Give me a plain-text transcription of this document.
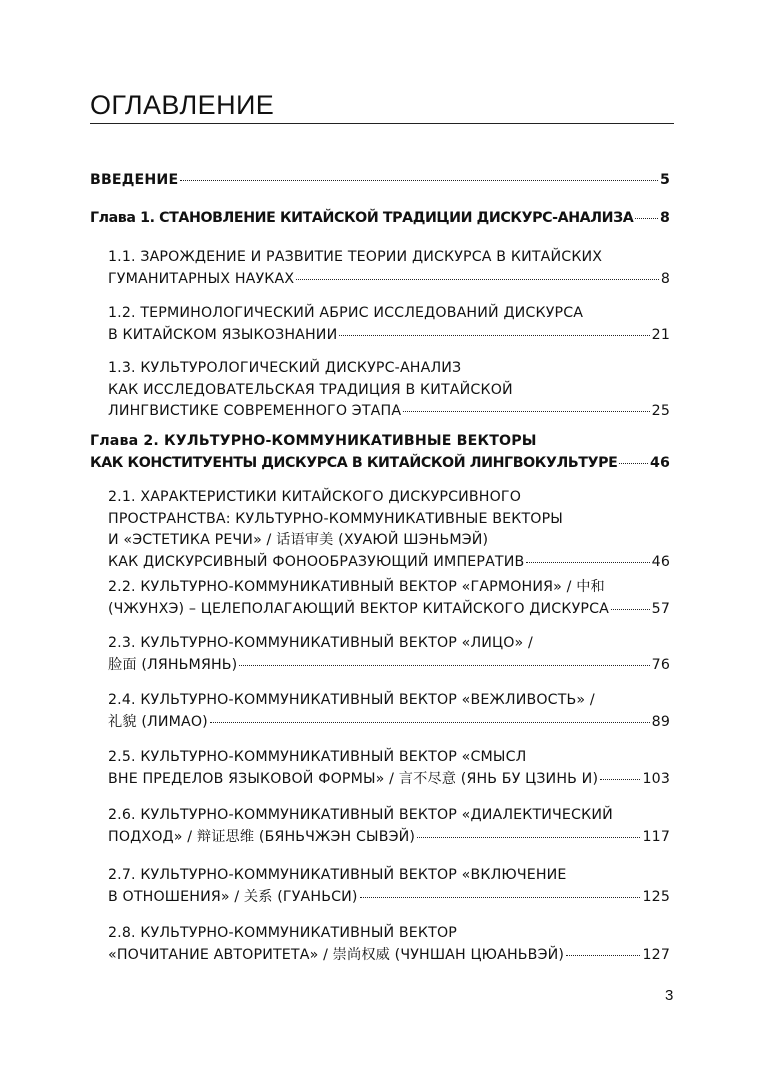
ОГЛАВЛЕНИЕ
ВВЕДЕНИЕ	5
Глава 1. СТАНОВЛЕНИЕ КИТАЙСКОЙ ТРАДИЦИИ ДИСКУРС-АНАЛИЗА 8
1.1. ЗАРОЖДЕНИЕ И РАЗВИТИЕ ТЕОРИИ ДИСКУРСА В КИТАЙСКИХ
ГУМАНИТАРНЫХ НАУКАХ	8
1.2. ТЕРМИНОЛОГИЧЕСКИЙ АБРИС ИССЛЕДОВАНИЙ ДИСКУРСА
В КИТАЙСКОМ ЯЗЫКОЗНАНИИ	21
1.3. КУЛЬТУРОЛОГИЧЕСКИЙ ДИСКУРС-АНАЛИЗ
КАК ИССЛЕДОВАТЕЛЬСКАЯ ТРАДИЦИЯ В КИТАЙСКОЙ
ЛИНГВИСТИКЕ СОВРЕМЕННОГО ЭТАПА	25
Глава 2. КУЛЬТУРНО-КОММУНИКАТИВНЫЕ ВЕКТОРЫ
КАК КОНСТИТУЕНТЫ ДИСКУРСА В КИТАЙСКОЙ ЛИНГВОКУЛЬТУРЕ 46
2.1. ХАРАКТЕРИСТИКИ КИТАЙСКОГО ДИСКУРСИВНОГО
ПРОСТРАНСТВА: КУЛЬТУРНО-КОММУНИКАТИВНЫЕ ВЕКТОРЫ
И «ЭСТЕТИКА РЕЧИ» / 话语审美 (ХУАЮЙ ШЭНЬМЭЙ)
КАК ДИСКУРСИВНЫЙ ФОНООБРАЗУЮЩИЙ ИМПЕРАТИВ	46
2.2. КУЛЬТУРНО-КОММУНИКАТИВНЫЙ ВЕКТОР «ГАРМОНИЯ» / 中和
(ЧЖУНХЭ) – ЦЕЛЕПОЛАГАЮЩИЙ ВЕКТОР КИТАЙСКОГО ДИСКУРСА	57
2.3. КУЛЬТУРНО-КОММУНИКАТИВНЫЙ ВЕКТОР «ЛИЦО» /
脸面 (ЛЯНЬМЯНЬ)	76
2.4. КУЛЬТУРНО-КОММУНИКАТИВНЫЙ ВЕКТОР «ВЕЖЛИВОСТЬ» /
礼貌 (ЛИМАО)	89
2.5. КУЛЬТУРНО-КОММУНИКАТИВНЫЙ ВЕКТОР «СМЫСЛ
ВНЕ ПРЕДЕЛОВ ЯЗЫКОВОЙ ФОРМЫ» / 言不尽意 (ЯНЬ БУ ЦЗИНЬ И)	103
2.6. КУЛЬТУРНО-КОММУНИКАТИВНЫЙ ВЕКТОР «ДИАЛЕКТИЧЕСКИЙ
ПОДХОД» / 辩证思维 (БЯНЬЧЖЭН СЫВЭЙ)	117
2.7. КУЛЬТУРНО-КОММУНИКАТИВНЫЙ ВЕКТОР «ВКЛЮЧЕНИЕ
В ОТНОШЕНИЯ» / 关系 (ГУАНЬСИ)	125
2.8. КУЛЬТУРНО-КОММУНИКАТИВНЫЙ ВЕКТОР
«ПОЧИТАНИЕ АВТОРИТЕТА» / 崇尚权威 (ЧУНШАН ЦЮАНЬВЭЙ)	127
3
